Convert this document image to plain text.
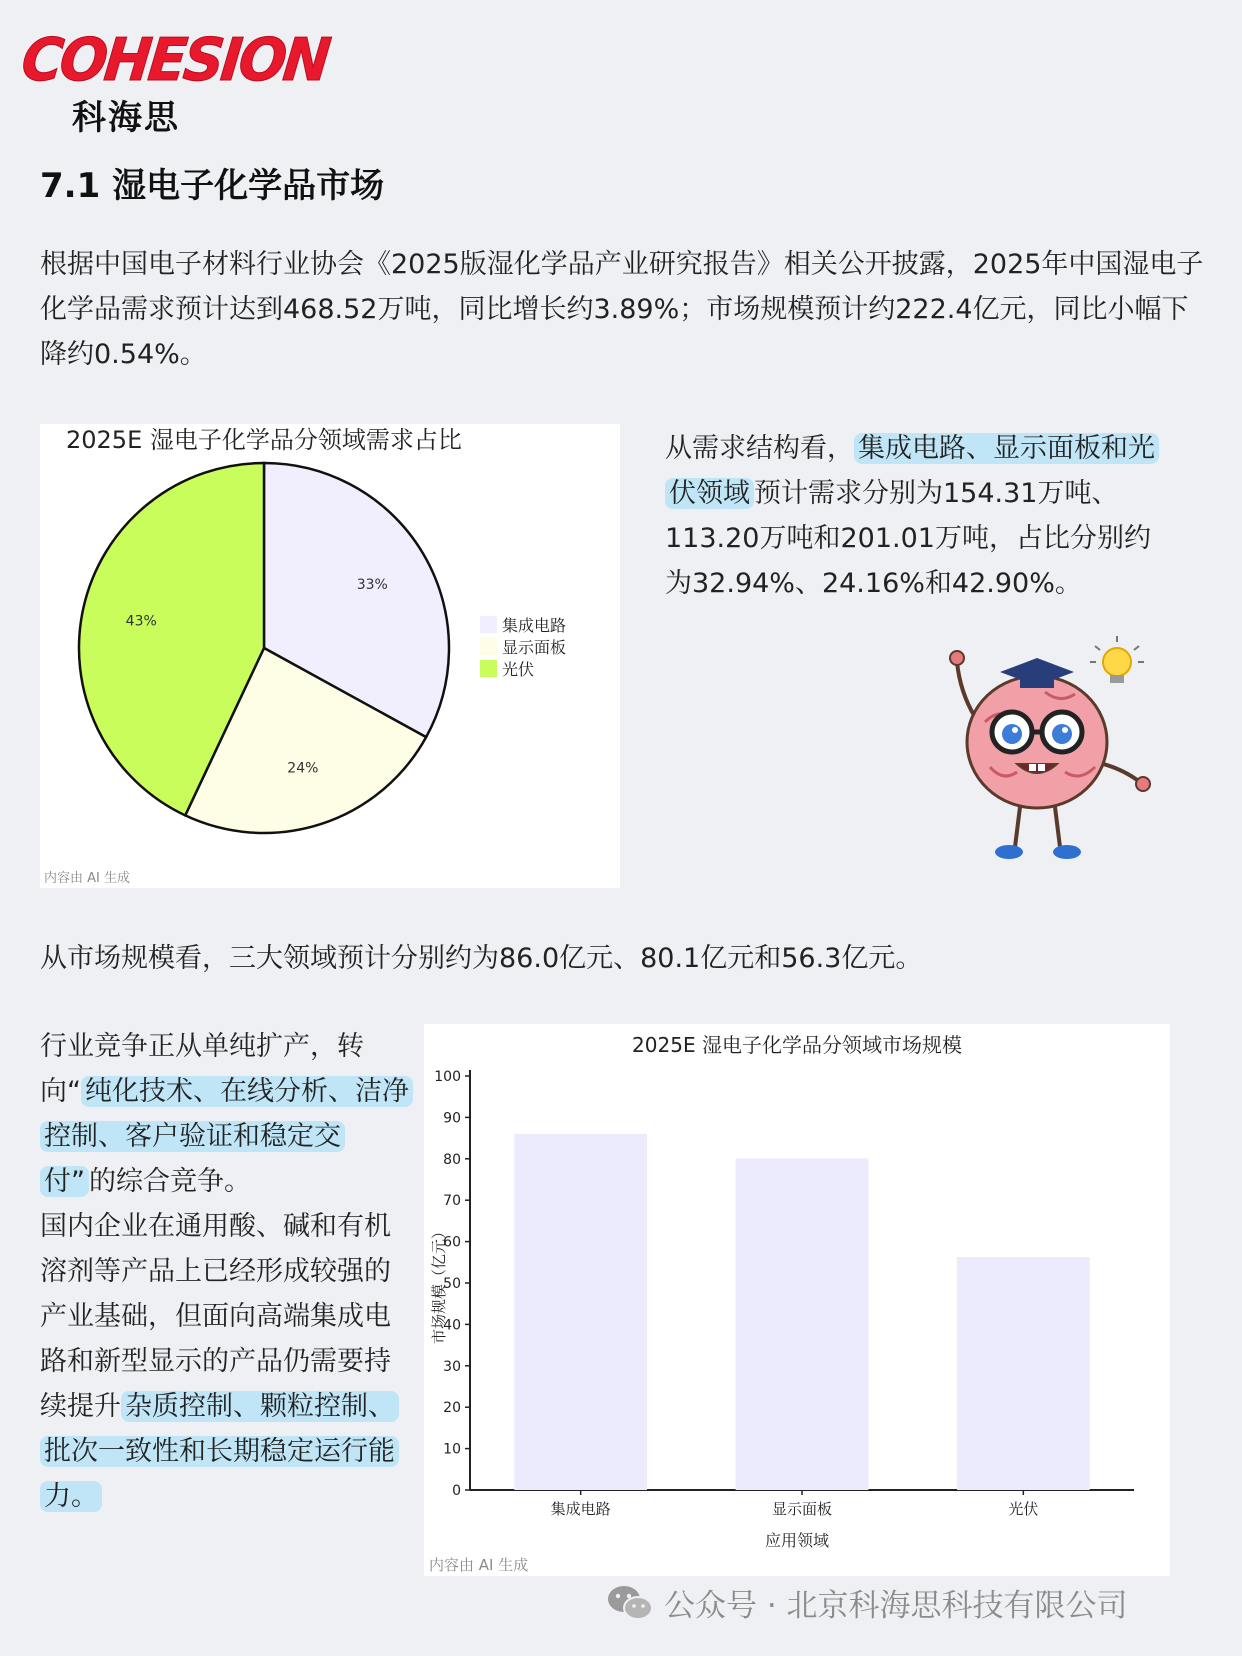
COHESION
科海思
7.1 湿电子化学品市场

根据中国电子材料行业协会《2025版湿化学品产业研究报告》相关公开披露，2025年中国湿电子化学品需求预计达到468.52万吨，同比增长约3.89%；市场规模预计约222.4亿元，同比小幅下降约0.54%。

2025E 湿电子化学品分领域需求占比
33%
24%
43%	集成电路
显示面板
光伏
内容由 AI 生成

从需求结构看， 集成电路、显示面板和光伏领域 预计需求分别为154.31万吨、113.20万吨和201.01万吨，占比分别约为32.94%、24.16%和42.90%。

从市场规模看，三大领域预计分别约为86.0亿元、80.1亿元和56.3亿元。

行业竞争正从单纯扩产，转向“ 纯化技术、在线分析、洁净控制、客户验证和稳定交付” 的综合竞争。
国内企业在通用酸、碱和有机溶剂等产品上已经形成较强的产业基础，但面向高端集成电路和新型显示的产品仍需要持续提升 杂质控制、颗粒控制、批次一致性和长期稳定运行能力。

2025E 湿电子化学品分领域市场规模
0
10
20
30
40
50
60
70
80
90
100
集成电路	显示面板	光伏
应用领域
市场规模（亿元）
内容由 AI 生成
公众号 · 北京科海思科技有限公司
